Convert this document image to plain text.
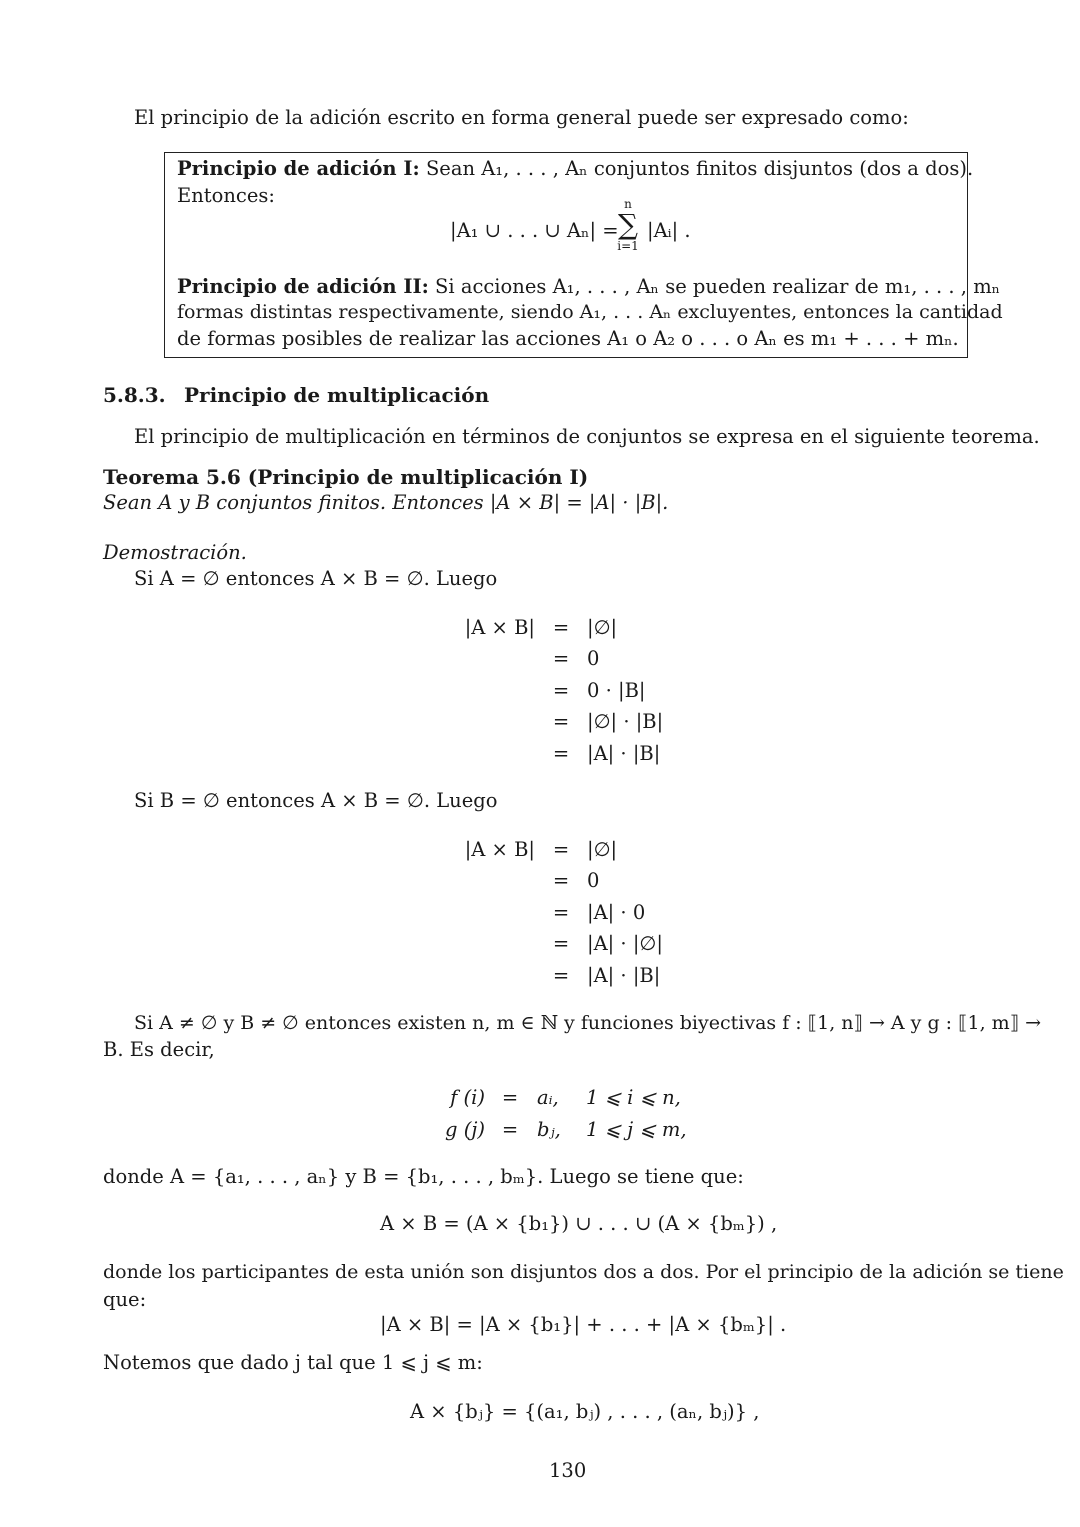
El principio de la adición escrito en forma general puede ser expresado como:
Principio de adición I: Sean A₁, . . . , Aₙ conjuntos finitos disjuntos (dos a dos).
Entonces:
|A₁ ∪ . . . ∪ Aₙ| =
n
∑
i=1
|Aᵢ| .
Principio de adición II: Si acciones A₁, . . . , Aₙ se pueden realizar de m₁, . . . , mₙ
formas distintas respectivamente, siendo A₁, . . . Aₙ excluyentes, entonces la cantidad
de formas posibles de realizar las acciones A₁ o A₂ o . . . o Aₙ es m₁ + . . . + mₙ.
5.8.3. Principio de multiplicación
El principio de multiplicación en términos de conjuntos se expresa en el siguiente teorema.
Teorema 5.6 (Principio de multiplicación I)
Sean A y B conjuntos finitos. Entonces |A × B| = |A| · |B|.
Demostración.
Si A = ∅ entonces A × B = ∅. Luego
|A × B| = |∅|
= 0
= 0 · |B|
= |∅| · |B|
= |A| · |B|
Si B = ∅ entonces A × B = ∅. Luego
|A × B| = |∅|
= 0
= |A| · 0
= |A| · |∅|
= |A| · |B|
Si A ≠ ∅ y B ≠ ∅ entonces existen n, m ∈ ℕ y funciones biyectivas f : ⟦1, n⟧ → A y g : ⟦1, m⟧ →
B. Es decir,
f (i) = aᵢ, 1 ⩽ i ⩽ n,
g (j) = bⱼ, 1 ⩽ j ⩽ m,
donde A = {a₁, . . . , aₙ} y B = {b₁, . . . , bₘ}. Luego se tiene que:
A × B = (A × {b₁}) ∪ . . . ∪ (A × {bₘ}) ,
donde los participantes de esta unión son disjuntos dos a dos. Por el principio de la adición se tiene
que:
|A × B| = |A × {b₁}| + . . . + |A × {bₘ}| .
Notemos que dado j tal que 1 ⩽ j ⩽ m:
A × {bⱼ} = {(a₁, bⱼ) , . . . , (aₙ, bⱼ)} ,
130
